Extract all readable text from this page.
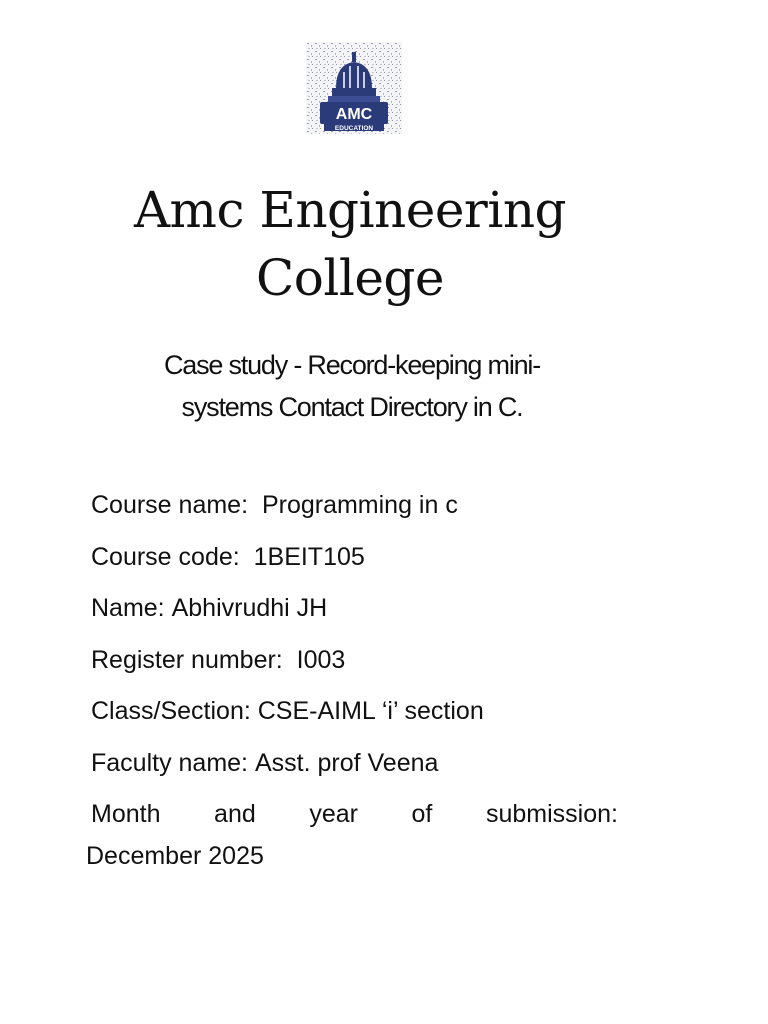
AMC
EDUCATION
Amc Engineering
College
Case study - Record-keeping mini-
systems Contact Directory in C.
Course name: Programming in c
Course code: 1BEIT105
Name: Abhivrudhi JH
Register number: I003
Class/Section: CSE-AIML ‘i’ section
Faculty name: Asst. prof Veena
Month and year of submission:
December 2025
